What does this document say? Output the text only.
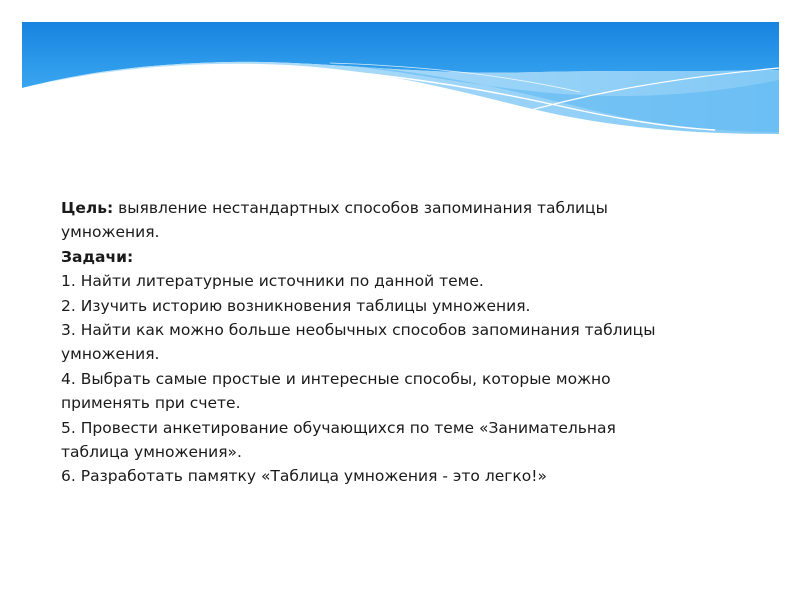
Цель: выявление нестандартных способов запоминания таблицы умножения.

Задачи:

1. Найти литературные источники по данной теме.

2. Изучить историю возникновения таблицы умножения.

3. Найти как можно больше необычных способов запоминания таблицы умножения.

4. Выбрать самые простые и интересные способы, которые можно применять при счете.

5. Провести анкетирование обучающихся по теме «Занимательная таблица умножения».

6. Разработать памятку «Таблица умножения - это легко!»
